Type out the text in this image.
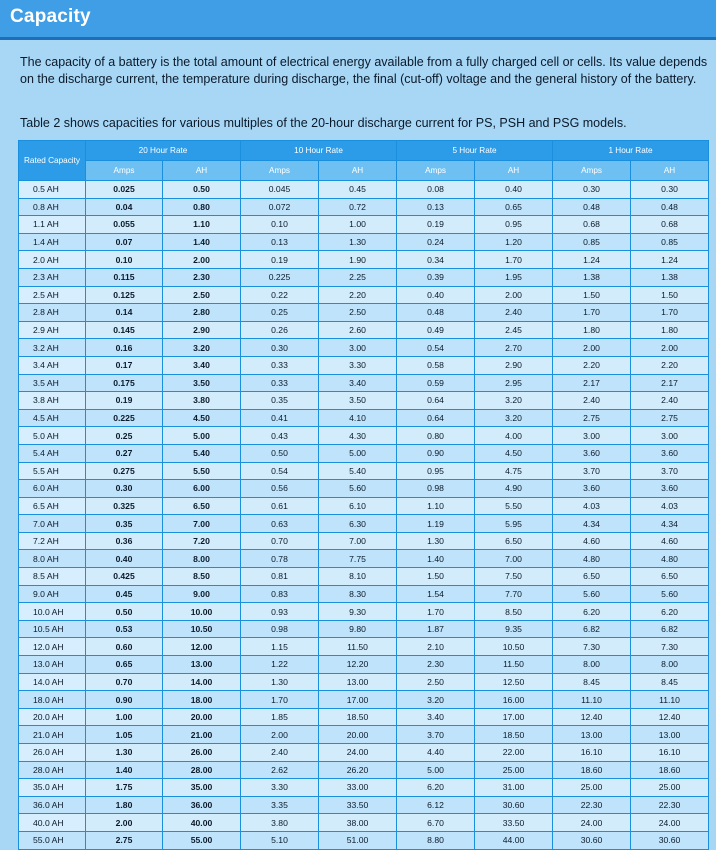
Capacity

The capacity of a battery is the total amount of electrical energy available from a fully charged cell or cells. Its value depends on the discharge current, the temperature during discharge, the final (cut-off) voltage and the general history of the battery.

Table 2 shows capacities for various multiples of the 20-hour discharge current for PS, PSH and PSG models.

Rated Capacity	20 Hour Rate		10 Hour Rate		5 Hour Rate		1 Hour Rate	
	Amps	AH	Amps	AH	Amps	AH	Amps	AH
0.5 AH	0.025	0.50	0.045	0.45	0.08	0.40	0.30	0.30
0.8 AH	0.04	0.80	0.072	0.72	0.13	0.65	0.48	0.48
1.1 AH	0.055	1.10	0.10	1.00	0.19	0.95	0.68	0.68
1.4 AH	0.07	1.40	0.13	1.30	0.24	1.20	0.85	0.85
2.0 AH	0.10	2.00	0.19	1.90	0.34	1.70	1.24	1.24
2.3 AH	0.115	2.30	0.225	2.25	0.39	1.95	1.38	1.38
2.5 AH	0.125	2.50	0.22	2.20	0.40	2.00	1.50	1.50
2.8 AH	0.14	2.80	0.25	2.50	0.48	2.40	1.70	1.70
2.9 AH	0.145	2.90	0.26	2.60	0.49	2.45	1.80	1.80
3.2 AH	0.16	3.20	0.30	3.00	0.54	2.70	2.00	2.00
3.4 AH	0.17	3.40	0.33	3.30	0.58	2.90	2.20	2.20
3.5 AH	0.175	3.50	0.33	3.40	0.59	2.95	2.17	2.17
3.8 AH	0.19	3.80	0.35	3.50	0.64	3.20	2.40	2.40
4.5 AH	0.225	4.50	0.41	4.10	0.64	3.20	2.75	2.75
5.0 AH	0.25	5.00	0.43	4.30	0.80	4.00	3.00	3.00
5.4 AH	0.27	5.40	0.50	5.00	0.90	4.50	3.60	3.60
5.5 AH	0.275	5.50	0.54	5.40	0.95	4.75	3.70	3.70
6.0 AH	0.30	6.00	0.56	5.60	0.98	4.90	3.60	3.60
6.5 AH	0.325	6.50	0.61	6.10	1.10	5.50	4.03	4.03
7.0 AH	0.35	7.00	0.63	6.30	1.19	5.95	4.34	4.34
7.2 AH	0.36	7.20	0.70	7.00	1.30	6.50	4.60	4.60
8.0 AH	0.40	8.00	0.78	7.75	1.40	7.00	4.80	4.80
8.5 AH	0.425	8.50	0.81	8.10	1.50	7.50	6.50	6.50
9.0 AH	0.45	9.00	0.83	8.30	1.54	7.70	5.60	5.60
10.0 AH	0.50	10.00	0.93	9.30	1.70	8.50	6.20	6.20
10.5 AH	0.53	10.50	0.98	9.80	1.87	9.35	6.82	6.82
12.0 AH	0.60	12.00	1.15	11.50	2.10	10.50	7.30	7.30
13.0 AH	0.65	13.00	1.22	12.20	2.30	11.50	8.00	8.00
14.0 AH	0.70	14.00	1.30	13.00	2.50	12.50	8.45	8.45
18.0 AH	0.90	18.00	1.70	17.00	3.20	16.00	11.10	11.10
20.0 AH	1.00	20.00	1.85	18.50	3.40	17.00	12.40	12.40
21.0 AH	1.05	21.00	2.00	20.00	3.70	18.50	13.00	13.00
26.0 AH	1.30	26.00	2.40	24.00	4.40	22.00	16.10	16.10
28.0 AH	1.40	28.00	2.62	26.20	5.00	25.00	18.60	18.60
35.0 AH	1.75	35.00	3.30	33.00	6.20	31.00	25.00	25.00
36.0 AH	1.80	36.00	3.35	33.50	6.12	30.60	22.30	22.30
40.0 AH	2.00	40.00	3.80	38.00	6.70	33.50	24.00	24.00
55.0 AH	2.75	55.00	5.10	51.00	8.80	44.00	30.60	30.60
